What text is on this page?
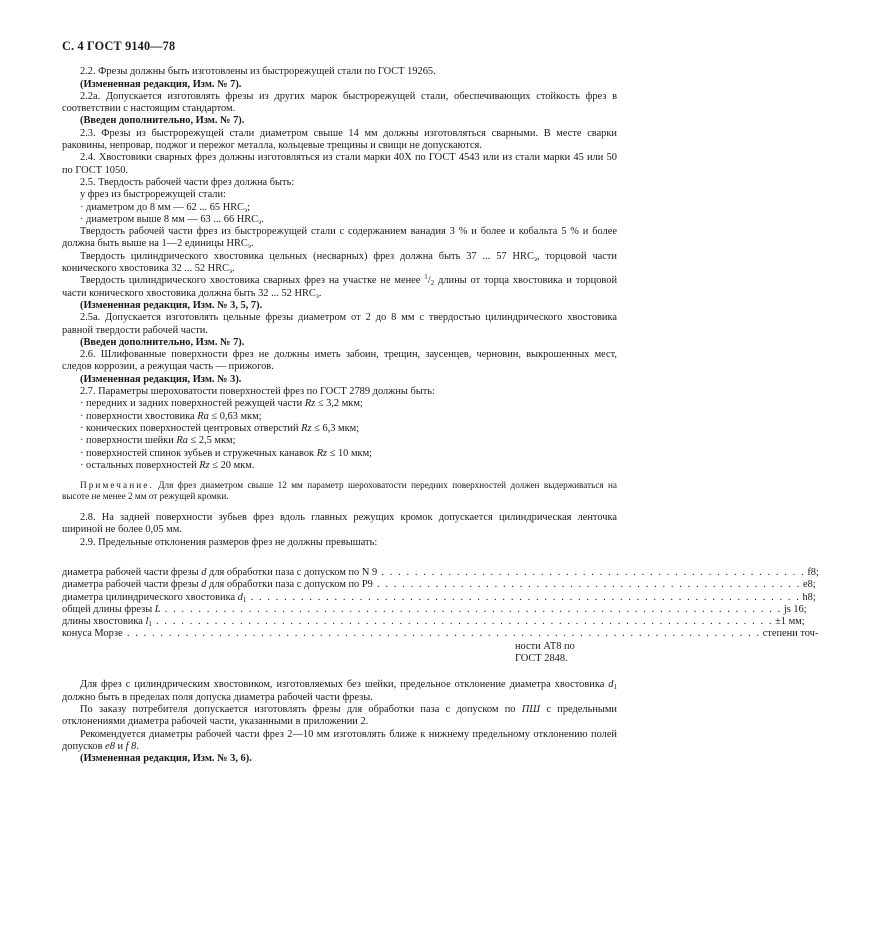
С. 4 ГОСТ 9140—78

2.2. Фрезы должны быть изготовлены из быстрорежущей стали по ГОСТ 19265.

(Измененная редакция, Изм. № 7).

2.2а. Допускается изготовлять фрезы из других марок быстрорежущей стали, обеспечивающих стойкость фрез в соответствии с настоящим стандартом.

(Введен дополнительно, Изм. № 7).

2.3. Фрезы из быстрорежущей стали диаметром свыше 14 мм должны изготовляться сварными. В месте сварки раковины, непровар, поджог и пережог металла, кольцевые трещины и свищи не допускаются.

2.4. Хвостовики сварных фрез должны изготовляться из стали марки 40Х по ГОСТ 4543 или из стали марки 45 или 50 по ГОСТ 1050.

2.5. Твердость рабочей части фрез должна быть:

у фрез из быстрорежущей стали:

· диаметром до 8 мм — 62 ... 65 $HRC_э$;

· диаметром выше 8 мм — 63 ... 66 $HRC_э$.

Твердость рабочей части фрез из быстрорежущей стали с содержанием ванадия 3 % и более и кобальта 5 % и более должна быть выше на 1—2 единицы $HRC_э$.

Твердость цилиндрического хвостовика цельных (несварных) фрез должна быть 37 ... 57 $HRC_э$, торцовой части конического хвостовика 32 ... 52 $HRC_э$.

Твердость цилиндрического хвостовика сварных фрез на участке не менее $^1/_2$ длины от торца хвостовика и торцовой части конического хвостовика должна быть 32 ... 52 $HRC_э$.

(Измененная редакция, Изм. № 3, 5, 7).

2.5а. Допускается изготовлять цельные фрезы диаметром от 2 до 8 мм с твердостью цилиндрического хвостовика равной твердости рабочей части.

(Введен дополнительно, Изм. № 7).

2.6. Шлифованные поверхности фрез не должны иметь забоин, трещин, заусенцев, черновин, выкрошенных мест, следов коррозии, а режущая часть — прижогов.

(Измененная редакция, Изм. № 3).

2.7. Параметры шероховатости поверхностей фрез по ГОСТ 2789 должны быть:

· передних и задних поверхностей режущей части Rz ≤ 3,2 мкм;

· поверхности хвостовика Ra ≤ 0,63 мкм;

· конических поверхностей центровых отверстий Rz ≤ 6,3 мкм;

· поверхности шейки Ra ≤ 2,5 мкм;

· поверхностей спинок зубьев и стружечных канавок Rz ≤ 10 мкм;

· остальных поверхностей Rz ≤ 20 мкм.

Примечание. Для фрез диаметром свыше 12 мм параметр шероховатости передних поверхностей должен выдерживаться на высоте не менее 2 мм от режущей кромки.

2.8. На задней поверхности зубьев фрез вдоль главных режущих кромок допускается цилиндрическая ленточка шириной не более 0,05 мм.

2.9. Предельные отклонения размеров фрез не должны превышать:

диаметра рабочей части фрезы d для обработки паза с допуском по N 9 . . . . . . . . . . . . . . . . . . . . . . . . . . . . . . . . . . . . . . . . . . . . . . . . . . . f8;
диаметра рабочей части фрезы d для обработки паза с допуском по P9 . . . . . . . . . . . . . . . . . . . . . . . . . . . . . . . . . . . . . . . . . . . . . . . . . . . e8;
диаметра цилиндрического хвостовика $d_1$ . . . . . . . . . . . . . . . . . . . . . . . . . . . . . . . . . . . . . . . . . . . . . . . . . . . . . . . . . . . . . . . . . . h8;
общей длины фрезы L . . . . . . . . . . . . . . . . . . . . . . . . . . . . . . . . . . . . . . . . . . . . . . . . . . . . . . . . . . . . . . . . . . . . . . . . . . js 16;
длины хвостовика $l_1$ . . . . . . . . . . . . . . . . . . . . . . . . . . . . . . . . . . . . . . . . . . . . . . . . . . . . . . . . . . . . . . . . . . . . . . . . . . ±1 мм;
конуса Морзе . . . . . . . . . . . . . . . . . . . . . . . . . . . . . . . . . . . . . . . . . . . . . . . . . . . . . . . . . . . . . . . . . . . . . . . . . . . . степени точ-
ности АТ8 по
ГОСТ 2848.

Для фрез с цилиндрическим хвостовиком, изготовляемых без шейки, предельное отклонение диаметра хвостовика $d_1$ должно быть в пределах поля допуска диаметра рабочей части фрезы.

По заказу потребителя допускается изготовлять фрезы для обработки паза с допуском по ПШ с предельными отклонениями диаметра рабочей части, указанными в приложении 2.

Рекомендуется диаметры рабочей части фрез 2—10 мм изготовлять ближе к нижнему предельному отклонению полей допусков e8 и f 8.

(Измененная редакция, Изм. № 3, 6).
